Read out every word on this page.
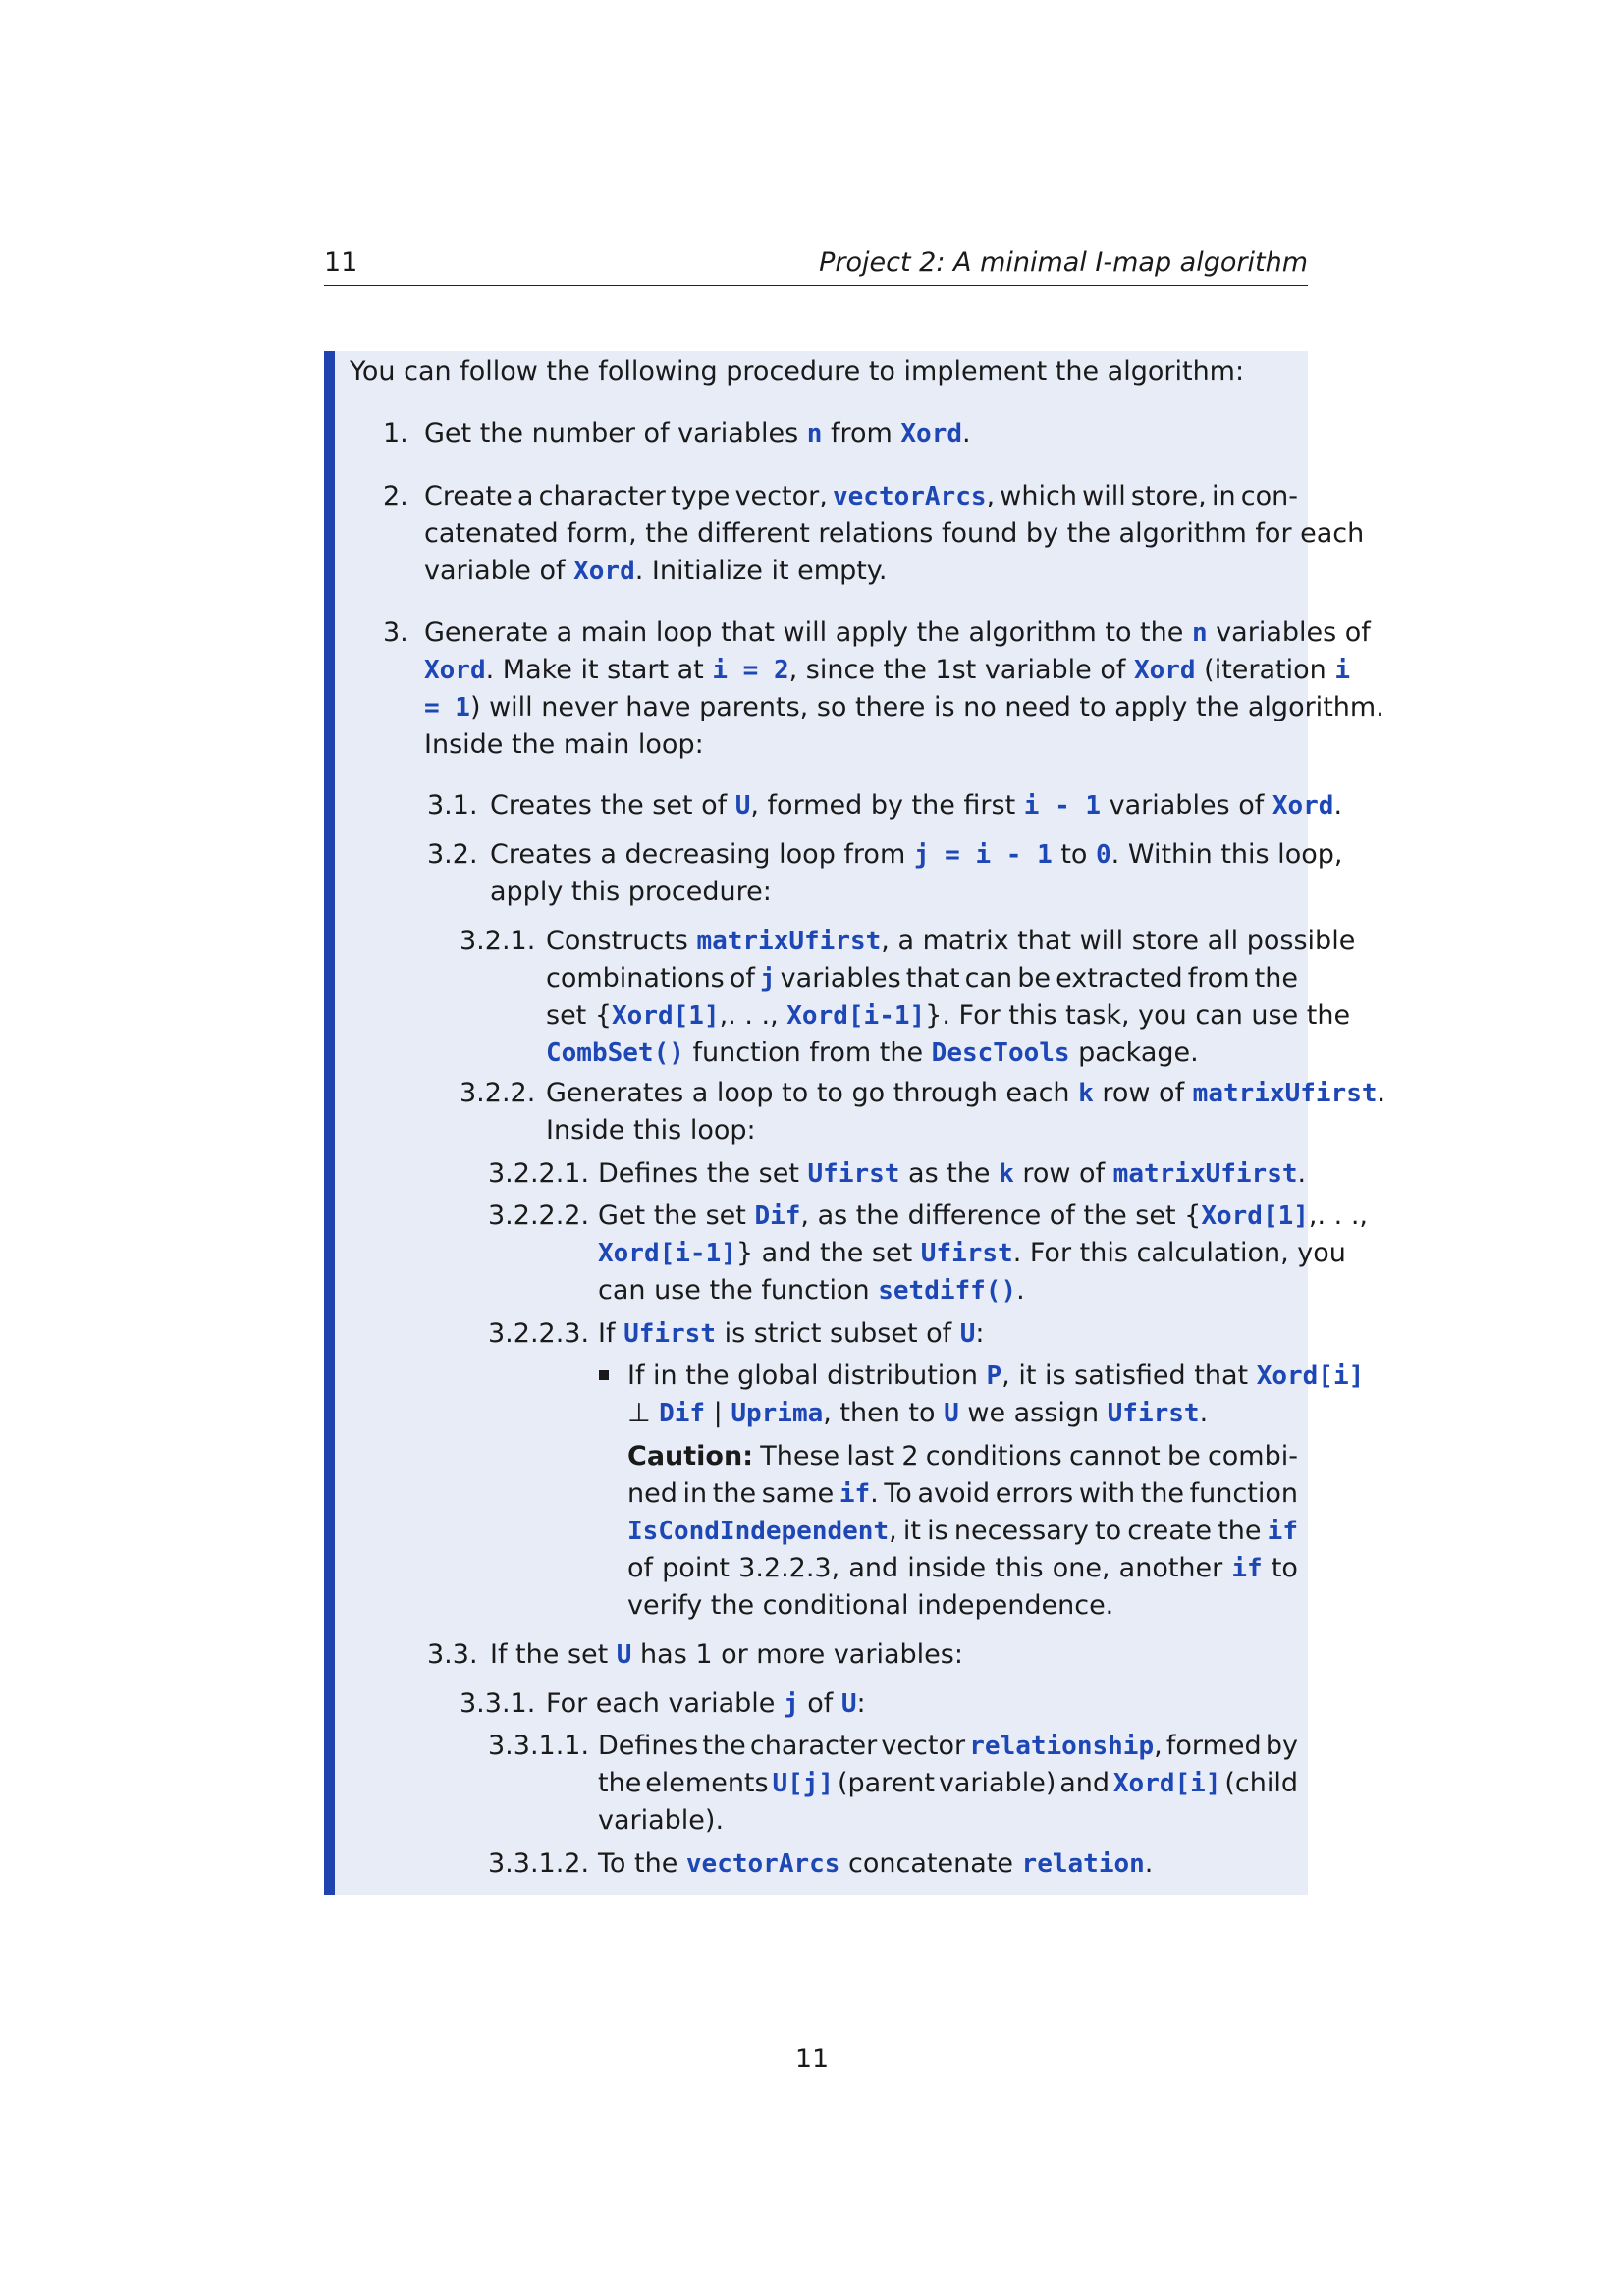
11	Project 2: A minimal I-map algorithm
You can follow the following procedure to implement the algorithm:
1. Get the number of variables n from Xord.
2. Create a character type vector, vectorArcs, which will store, in con-
catenated form, the different relations found by the algorithm for each
variable of Xord. Initialize it empty.
3. Generate a main loop that will apply the algorithm to the n variables of
Xord. Make it start at i = 2, since the 1st variable of Xord (iteration i
= 1) will never have parents, so there is no need to apply the algorithm.
Inside the main loop:
3.1. Creates the set of U, formed by the first i - 1 variables of Xord.
3.2. Creates a decreasing loop from j = i - 1 to 0. Within this loop,
apply this procedure:
3.2.1. Constructs matrixUfirst, a matrix that will store all possible
combinations of j variables that can be extracted from the
set {Xord[1],. . ., Xord[i-1]}. For this task, you can use the
CombSet() function from the DescTools package.
3.2.2. Generates a loop to to go through each k row of matrixUfirst.
Inside this loop:
3.2.2.1. Defines the set Ufirst as the k row of matrixUfirst.
3.2.2.2. Get the set Dif, as the difference of the set {Xord[1],. . .,
Xord[i-1]} and the set Ufirst. For this calculation, you
can use the function setdiff().
3.2.2.3. If Ufirst is strict subset of U:
If in the global distribution P, it is satisfied that Xord[i]
⊥ Dif | Uprima, then to U we assign Ufirst.
Caution: These last 2 conditions cannot be combi-
ned in the same if. To avoid errors with the function
IsCondIndependent, it is necessary to create the if
of point 3.2.2.3, and inside this one, another if to
verify the conditional independence.
3.3. If the set U has 1 or more variables:
3.3.1. For each variable j of U:
3.3.1.1. Defines the character vector relationship, formed by
the elements U[j] (parent variable) and Xord[i] (child
variable).
3.3.1.2. To the vectorArcs concatenate relation.
11
